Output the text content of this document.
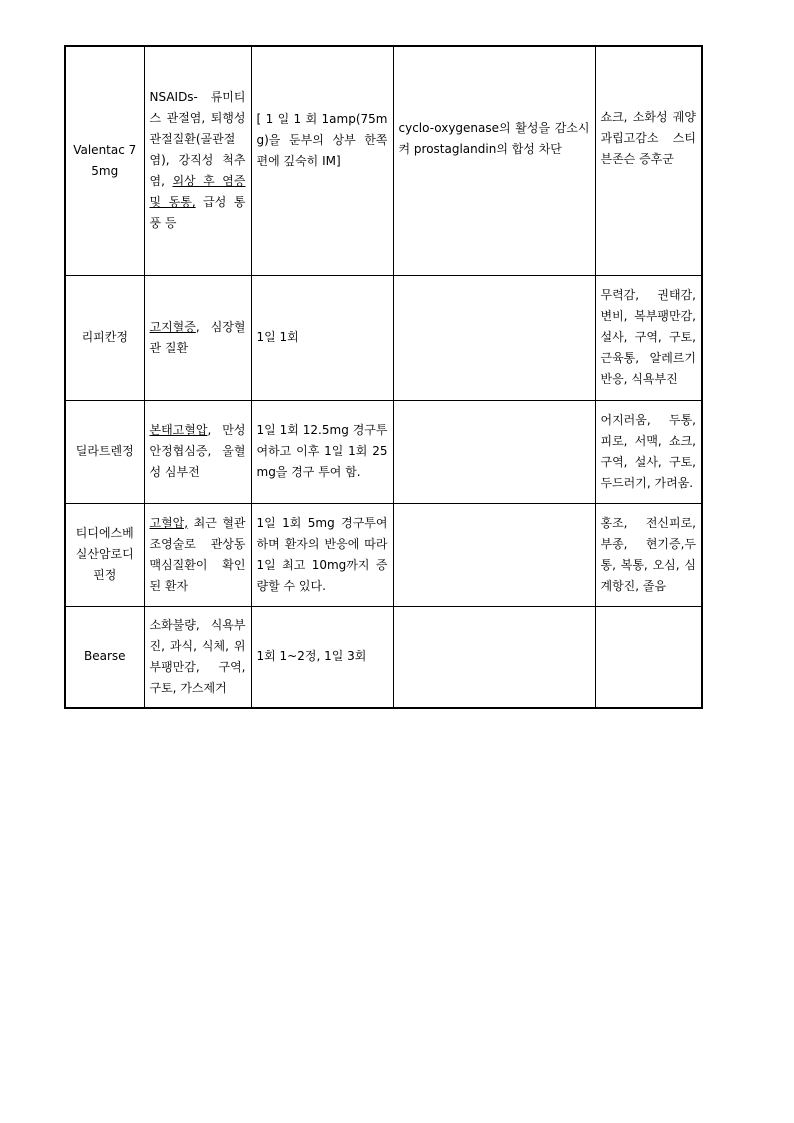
Valentac 75mg	NSAIDs- 류미티스 관절염, 퇴행성 관절질환(골관절염), 강직성 척추염, 외상 후 염증 및 동통, 급성 통풍 등	[ 1 일 1 회 1amp(75mg)을 둔부의 상부 한쪽 편에 깊숙히 IM]	cyclo-oxygenase의 활성을 감소시켜 prostaglandin의 합성 차단	쇼크, 소화성 궤양 과립고감소 스티븐존슨 증후군
리피칸정	고지혈증, 심장혈관 질환	1일 1회		무력감, 권태감, 변비, 복부팽만감, 설사, 구역, 구토, 근육통, 알레르기반응, 식욕부진
딜라트렌정	본태고혈압, 만성 안정협심증, 울혈성 심부전	1일 1회 12.5mg 경구투여하고 이후 1일 1회 25mg을 경구 투여 함.		어지러움, 두통, 피로, 서맥, 쇼크, 구역, 설사, 구토, 두드러기, 가려움.
티디에스베실산암로디핀정	고혈압, 최근 혈관조영술로 관상동맥심질환이 확인된 환자	1일 1회 5mg 경구투여하며 환자의 반응에 따라 1일 최고 10mg까지 증량할 수 있다.		홍조, 전신피로, 부종, 현기증,두통, 복통, 오심, 심계항진, 졸음
Bearse	소화불량, 식욕부진, 과식, 식체, 위부팽만감, 구역, 구토, 가스제거	1회 1~2정, 1일 3회		
